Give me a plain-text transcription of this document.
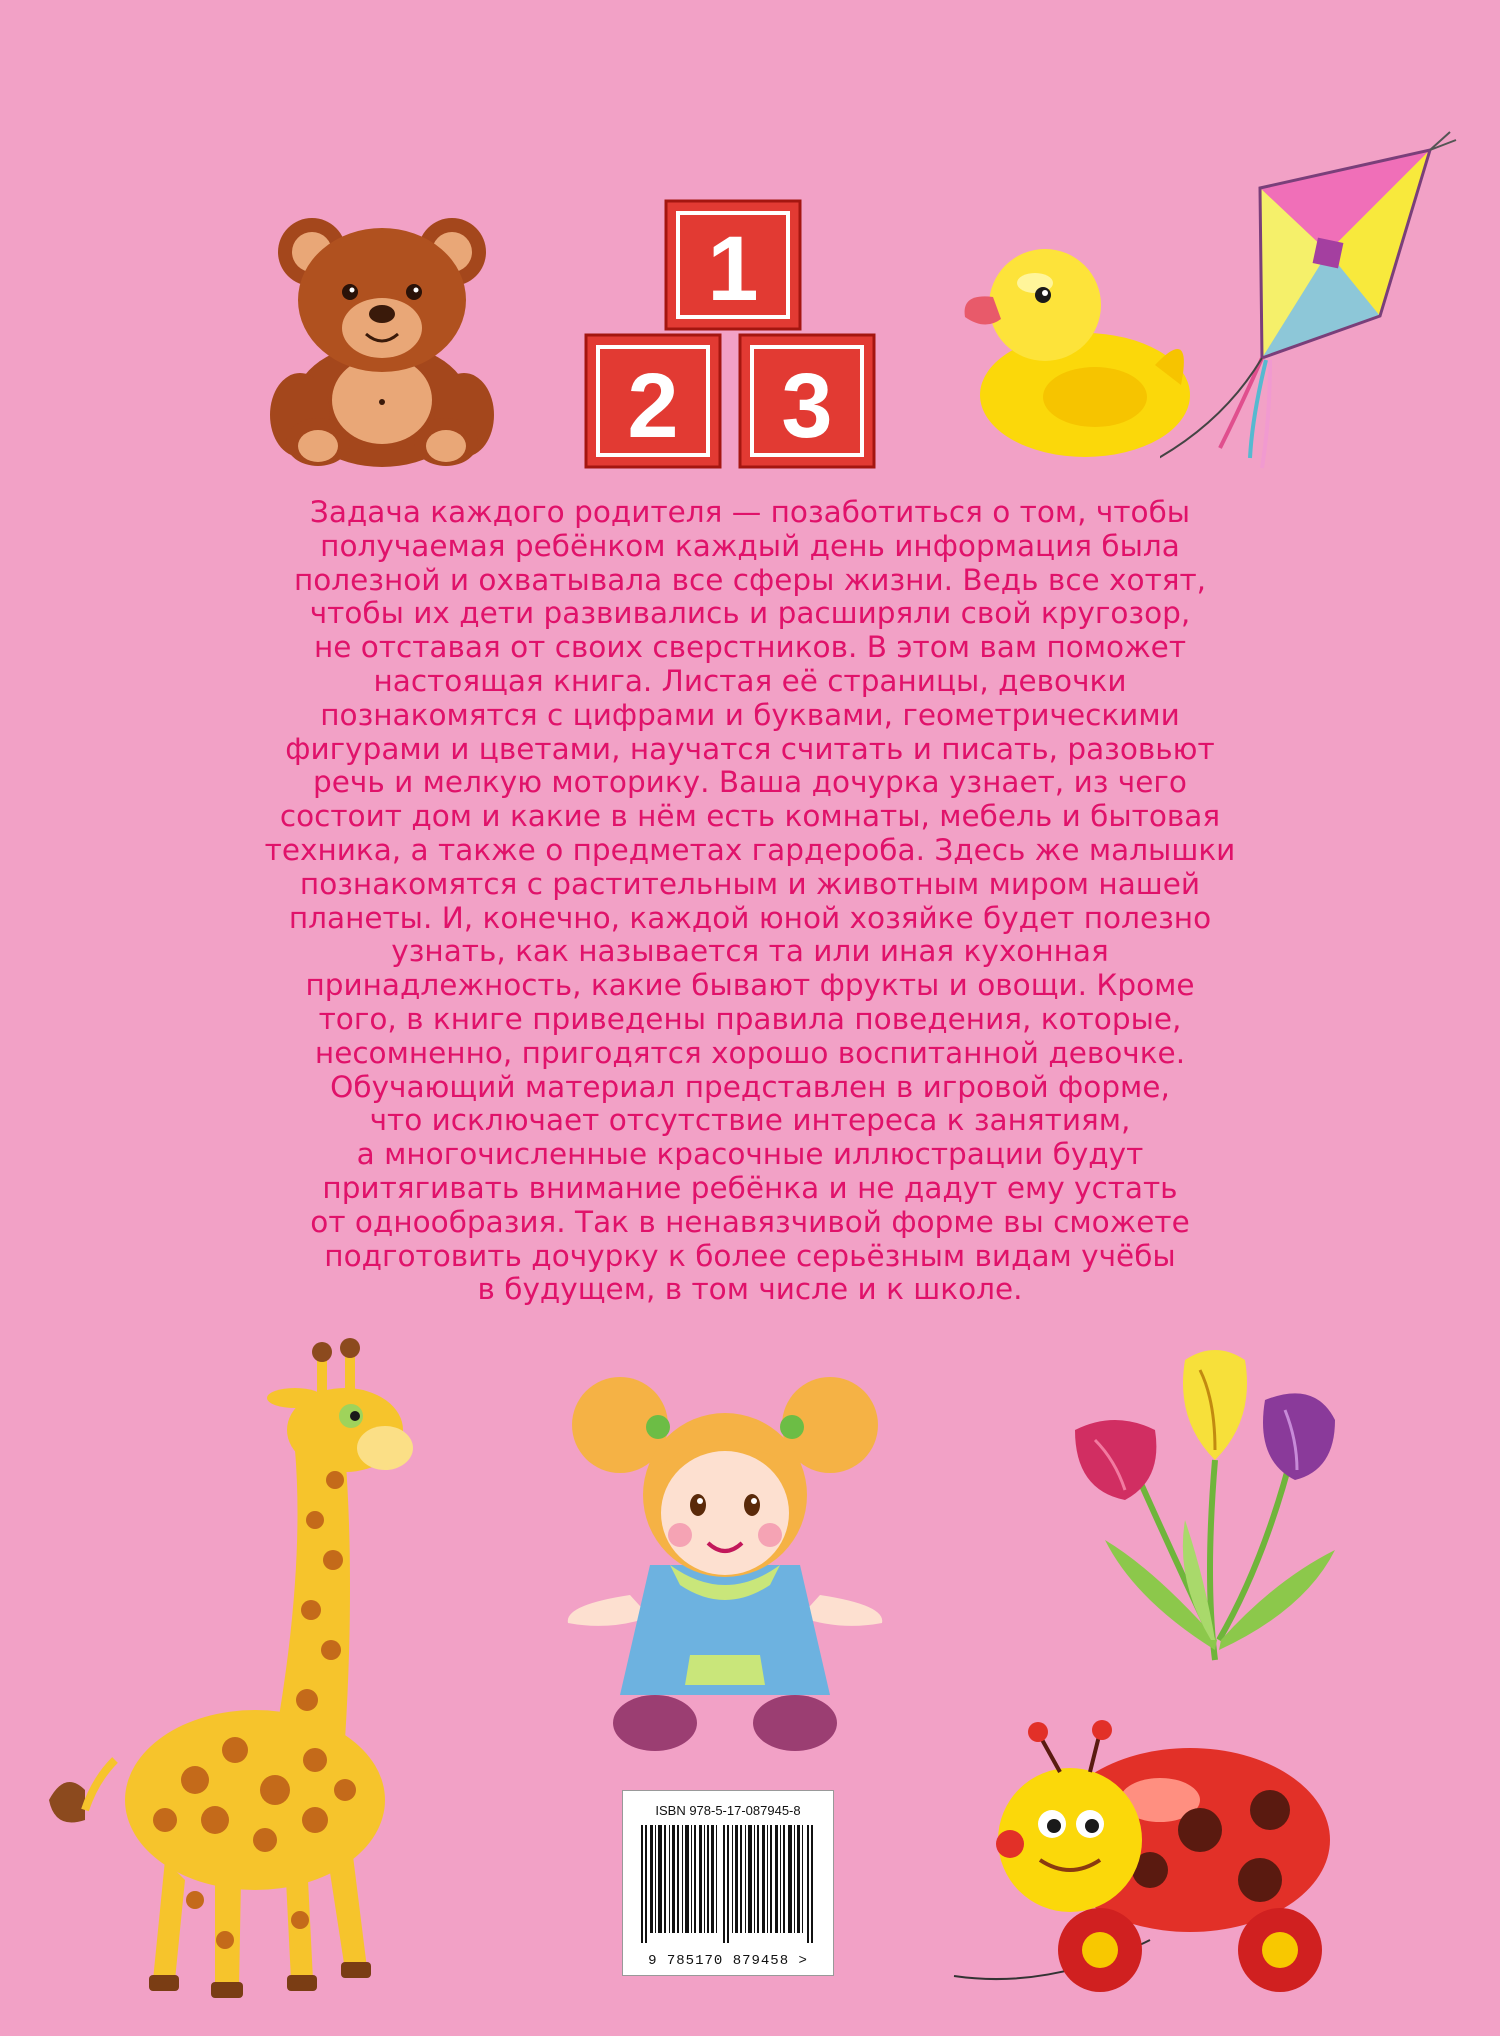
1
2 3
Задача каждого родителя — позаботиться о том, чтобы
получаемая ребёнком каждый день информация была
полезной и охватывала все сферы жизни. Ведь все хотят,
чтобы их дети развивались и расширяли свой кругозор,
не отставая от своих сверстников. В этом вам поможет
настоящая книга. Листая её страницы, девочки
познакомятся с цифрами и буквами, геометрическими
фигурами и цветами, научатся считать и писать, разовьют
речь и мелкую моторику. Ваша дочурка узнает, из чего
состоит дом и какие в нём есть комнаты, мебель и бытовая
техника, а также о предметах гардероба. Здесь же малышки
познакомятся с растительным и животным миром нашей
планеты. И, конечно, каждой юной хозяйке будет полезно
узнать, как называется та или иная кухонная
принадлежность, какие бывают фрукты и овощи. Кроме
того, в книге приведены правила поведения, которые,
несомненно, пригодятся хорошо воспитанной девочке.
Обучающий материал представлен в игровой форме,
что исключает отсутствие интереса к занятиям,
а многочисленные красочные иллюстрации будут
притягивать внимание ребёнка и не дадут ему устать
от однообразия. Так в ненавязчивой форме вы сможете
подготовить дочурку к более серьёзным видам учёбы
в будущем, в том числе и к школе.
ISBN 978-5-17-087945-8
9 785170 879458 >
